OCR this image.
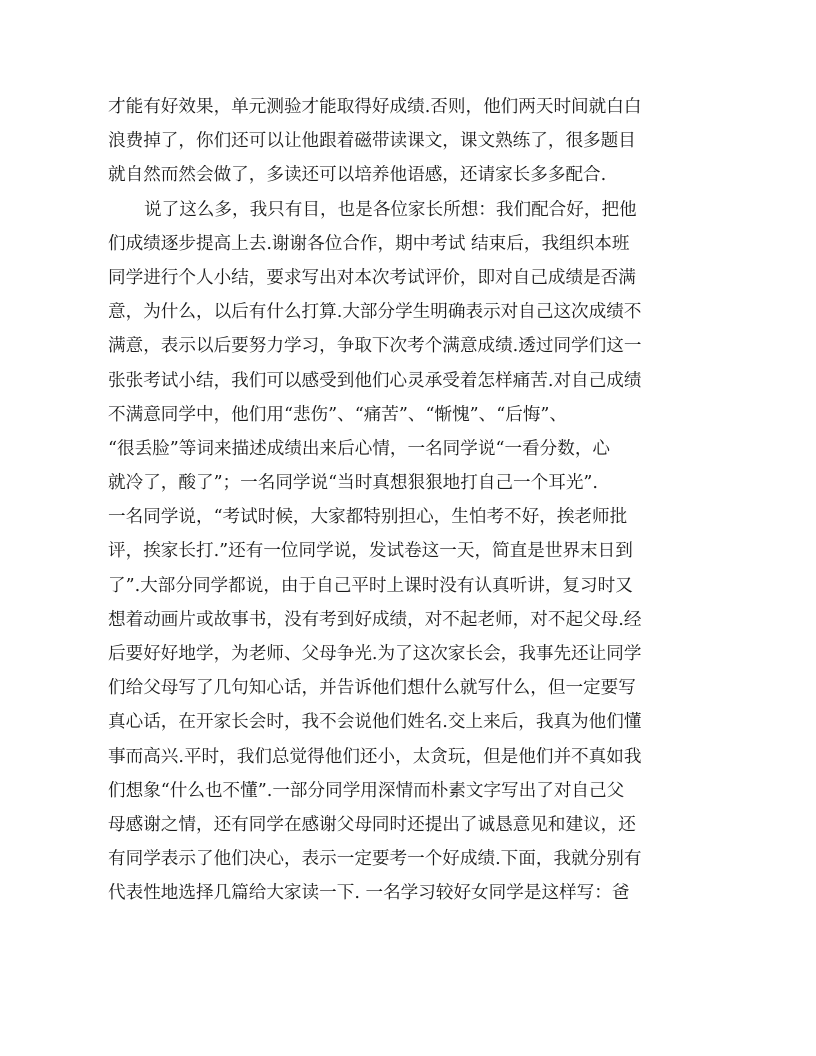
才能有好效果，单元测验才能取得好成绩.否则，他们两天时间就白白
浪费掉了，你们还可以让他跟着磁带读课文，课文熟练了，很多题目
就自然而然会做了，多读还可以培养他语感，还请家长多多配合.
说了这么多，我只有目，也是各位家长所想：我们配合好，把他
们成绩逐步提高上去.谢谢各位合作，期中考试 结束后，我组织本班
同学进行个人小结，要求写出对本次考试评价，即对自己成绩是否满
意，为什么，以后有什么打算.大部分学生明确表示对自己这次成绩不
满意，表示以后要努力学习，争取下次考个满意成绩.透过同学们这一
张张考试小结，我们可以感受到他们心灵承受着怎样痛苦.对自己成绩
不满意同学中，他们用“悲伤”、“痛苦”、“惭愧”、“后悔”、
“很丢脸”等词来描述成绩出来后心情，一名同学说“一看分数，心
就冷了，酸了”；一名同学说“当时真想狠狠地打自己一个耳光”.
一名同学说，“考试时候，大家都特别担心，生怕考不好，挨老师批
评，挨家长打.”还有一位同学说，发试卷这一天，简直是世界末日到
了”.大部分同学都说，由于自己平时上课时没有认真听讲，复习时又
想着动画片或故事书，没有考到好成绩，对不起老师，对不起父母.经
后要好好地学，为老师、父母争光.为了这次家长会，我事先还让同学
们给父母写了几句知心话，并告诉他们想什么就写什么，但一定要写
真心话，在开家长会时，我不会说他们姓名.交上来后，我真为他们懂
事而高兴.平时，我们总觉得他们还小，太贪玩，但是他们并不真如我
们想象“什么也不懂”.一部分同学用深情而朴素文字写出了对自己父
母感谢之情，还有同学在感谢父母同时还提出了诚恳意见和建议，还
有同学表示了他们决心，表示一定要考一个好成绩.下面，我就分别有
代表性地选择几篇给大家读一下. 一名学习较好女同学是这样写：爸
